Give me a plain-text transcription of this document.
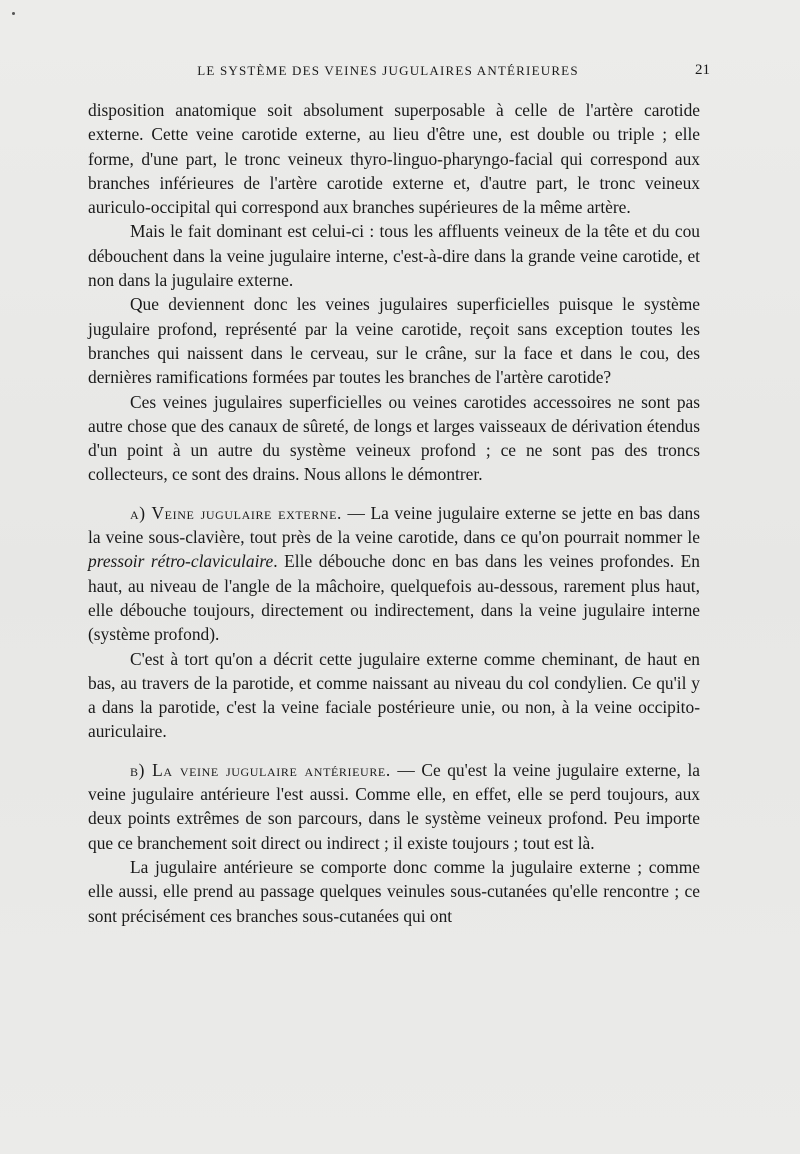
LE SYSTÈME DES VEINES JUGULAIRES ANTÉRIEURES	21

disposition anatomique soit absolument superposable à celle de l'artère carotide externe. Cette veine carotide externe, au lieu d'être une, est double ou triple ; elle forme, d'une part, le tronc veineux thyro-linguo-pharyngo-facial qui correspond aux branches inférieures de l'artère carotide externe et, d'autre part, le tronc veineux auriculo-occipital qui correspond aux branches supérieures de la même artère.

Mais le fait dominant est celui-ci : tous les affluents veineux de la tête et du cou débouchent dans la veine jugulaire interne, c'est-à-dire dans la grande veine carotide, et non dans la jugulaire externe.

Que deviennent donc les veines jugulaires superficielles puisque le système jugulaire profond, représenté par la veine carotide, reçoit sans exception toutes les branches qui naissent dans le cerveau, sur le crâne, sur la face et dans le cou, des dernières ramifications formées par toutes les branches de l'artère carotide?

Ces veines jugulaires superficielles ou veines carotides accessoires ne sont pas autre chose que des canaux de sûreté, de longs et larges vaisseaux de dérivation étendus d'un point à un autre du système veineux profond ; ce ne sont pas des troncs collecteurs, ce sont des drains. Nous allons le démontrer.

a) Veine jugulaire externe. — La veine jugulaire externe se jette en bas dans la veine sous-clavière, tout près de la veine carotide, dans ce qu'on pourrait nommer le pressoir rétro-claviculaire. Elle débouche donc en bas dans les veines profondes. En haut, au niveau de l'angle de la mâchoire, quelquefois au-dessous, rarement plus haut, elle débouche toujours, directement ou indirectement, dans la veine jugulaire interne (système profond).

C'est à tort qu'on a décrit cette jugulaire externe comme cheminant, de haut en bas, au travers de la parotide, et comme naissant au niveau du col condylien. Ce qu'il y a dans la parotide, c'est la veine faciale postérieure unie, ou non, à la veine occipito-auriculaire.

b) La veine jugulaire antérieure. — Ce qu'est la veine jugulaire externe, la veine jugulaire antérieure l'est aussi. Comme elle, en effet, elle se perd toujours, aux deux points extrêmes de son parcours, dans le système veineux profond. Peu importe que ce branchement soit direct ou indirect ; il existe toujours ; tout est là.

La jugulaire antérieure se comporte donc comme la jugulaire externe ; comme elle aussi, elle prend au passage quelques veinules sous-cutanées qu'elle rencontre ; ce sont précisément ces branches sous-cutanées qui ont
